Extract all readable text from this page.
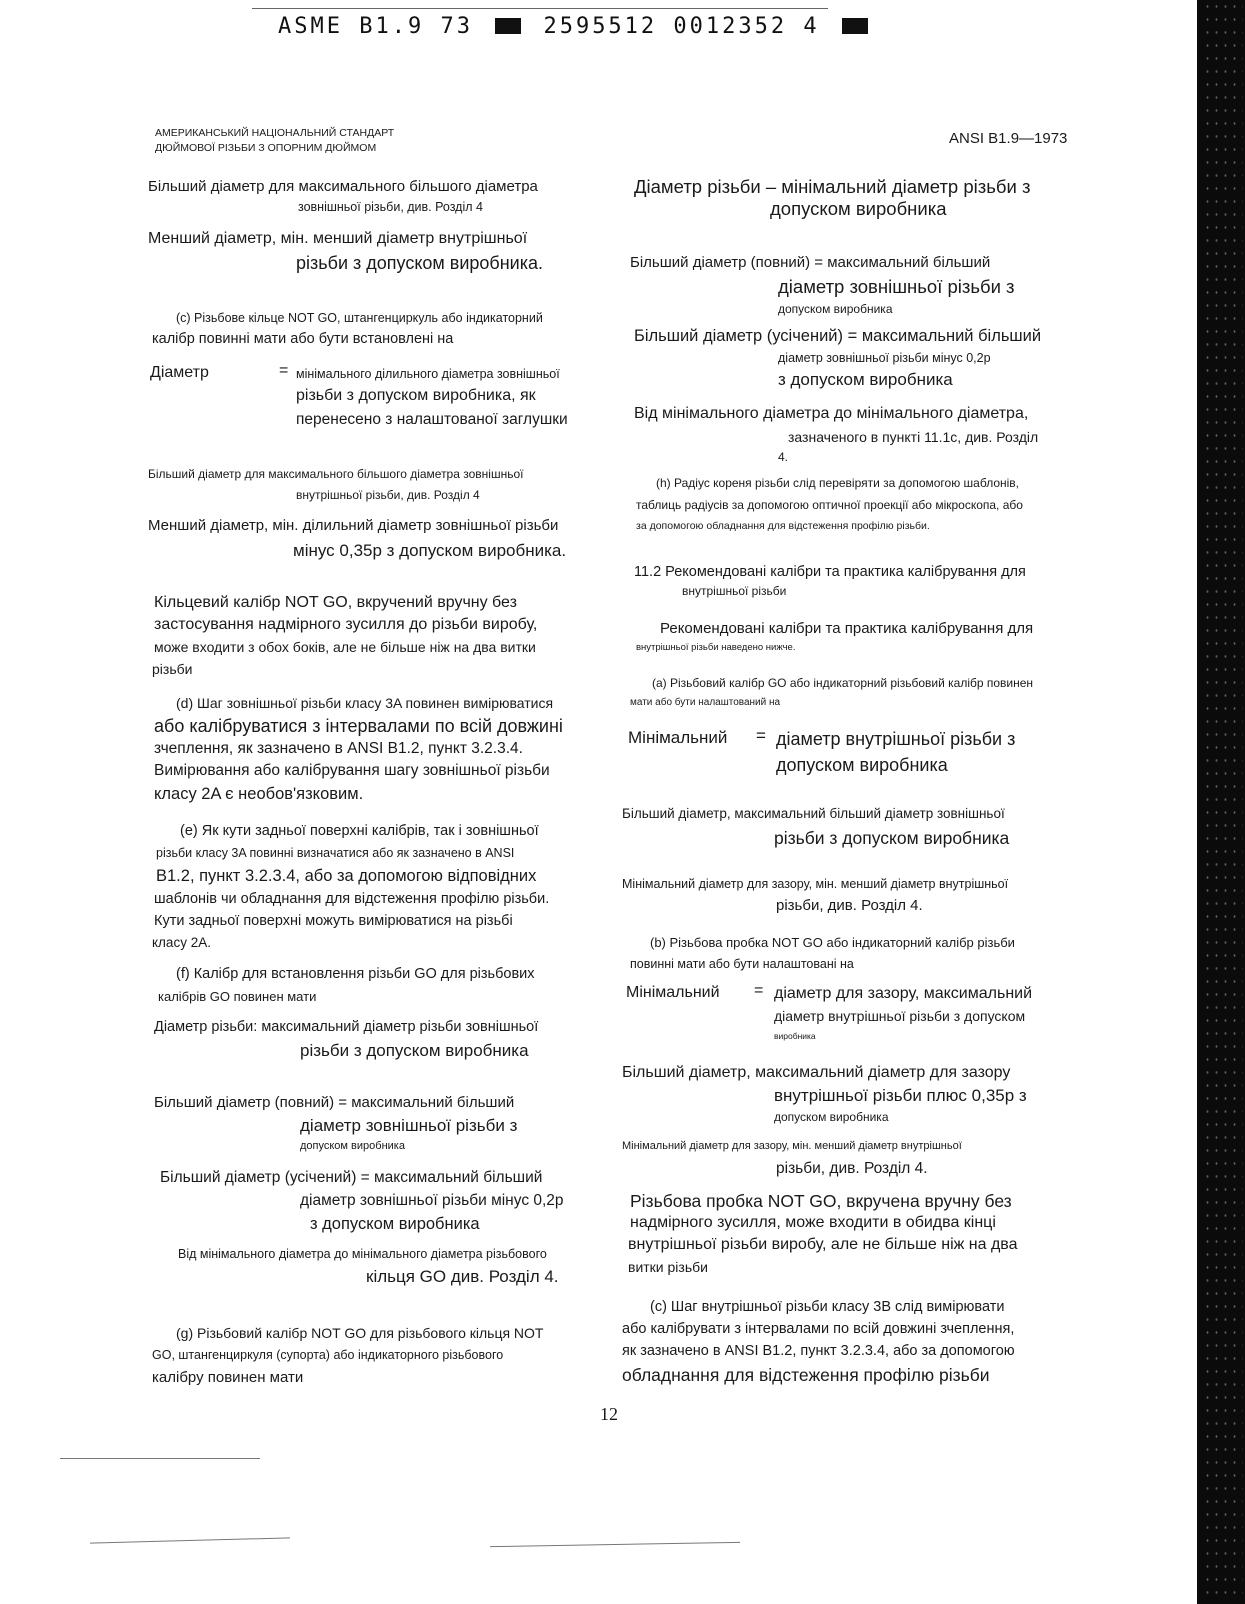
ASME B1.9 73	2595512 0012352 4
АМЕРИКАНСЬКИЙ НАЦІОНАЛЬНИЙ СТАНДАРТ
ДЮЙМОВОЇ РІЗЬБИ З ОПОРНИМ ДЮЙМОМ
ANSI B1.9—1973
Більший діаметр для максимального більшого діаметра
зовнішньої різьби, див. Розділ 4
Менший діаметр, мін. менший діаметр внутрішньої
різьби з допуском виробника.
(c) Різьбове кільце NOT GO, штангенциркуль або індикаторний
калібр повинні мати або бути встановлені на
Діаметр	= мінімального ділильного діаметра зовнішньої
різьби з допуском виробника, як
перенесено з налаштованої заглушки
Більший діаметр для максимального більшого діаметра зовнішньої
внутрішньої різьби, див. Розділ 4
Менший діаметр, мін. ділильний діаметр зовнішньої різьби
мінус 0,35p з допуском виробника.
Кільцевий калібр NOT GO, вкручений вручну без
застосування надмірного зусилля до різьби виробу,
може входити з обох боків, але не більше ніж на два витки
різьби
(d) Шаг зовнішньої різьби класу 3A повинен вимірюватися
або калібруватися з інтервалами по всій довжині
зчеплення, як зазначено в ANSI B1.2, пункт 3.2.3.4.
Вимірювання або калібрування шагу зовнішньої різьби
класу 2A є необов'язковим.
(e) Як кути задньої поверхні калібрів, так і зовнішньої
різьби класу 3A повинні визначатися або як зазначено в ANSI
B1.2, пункт 3.2.3.4, або за допомогою відповідних
шаблонів чи обладнання для відстеження профілю різьби.
Кути задньої поверхні можуть вимірюватися на різьбі
класу 2A.
(f) Калібр для встановлення різьби GO для різьбових
калібрів GO повинен мати
Діаметр різьби: максимальний діаметр різьби зовнішньої
різьби з допуском виробника
Більший діаметр (повний) = максимальний більший
діаметр зовнішньої різьби з
допуском виробника
Більший діаметр (усічений) = максимальний більший
діаметр зовнішньої різьби мінус 0,2p
з допуском виробника
Від мінімального діаметра до мінімального діаметра різьбового
кільця GO див. Розділ 4.
(g) Різьбовий калібр NOT GO для різьбового кільця NOT
GO, штангенциркуля (супорта) або індикаторного різьбового
калібру повинен мати
Діаметр різьби – мінімальний діаметр різьби з
допуском виробника
Більший діаметр (повний) = максимальний більший
діаметр зовнішньої різьби з
допуском виробника
Більший діаметр (усічений) = максимальний більший
діаметр зовнішньої різьби мінус 0,2p
з допуском виробника
Від мінімального діаметра до мінімального діаметра,
зазначеного в пункті 11.1c, див. Розділ
4.
(h) Радіус кореня різьби слід перевіряти за допомогою шаблонів,
таблиць радіусів за допомогою оптичної проекції або мікроскопа, або
за допомогою обладнання для відстеження профілю різьби.
11.2 Рекомендовані калібри та практика калібрування для
внутрішньої різьби
Рекомендовані калібри та практика калібрування для
внутрішньої різьби наведено нижче.
(a) Різьбовий калібр GO або індикаторний різьбовий калібр повинен
мати або бути налаштований на
Мінімальний = діаметр внутрішньої різьби з
допуском виробника
Більший діаметр, максимальний більший діаметр зовнішньої
різьби з допуском виробника
Мінімальний діаметр для зазору, мін. менший діаметр внутрішньої
різьби, див. Розділ 4.
(b) Різьбова пробка NOT GO або індикаторний калібр різьби
повинні мати або бути налаштовані на
Мінімальний = діаметр для зазору, максимальний
діаметр внутрішньої різьби з допуском
виробника
Більший діаметр, максимальний діаметр для зазору
внутрішньої різьби плюс 0,35p з
допуском виробника
Мінімальний діаметр для зазору, мін. менший діаметр внутрішньої
різьби, див. Розділ 4.
Різьбова пробка NOT GO, вкручена вручну без
надмірного зусилля, може входити в обидва кінці
внутрішньої різьби виробу, але не більше ніж на два
витки різьби
(c) Шаг внутрішньої різьби класу 3B слід вимірювати
або калібрувати з інтервалами по всій довжині зчеплення,
як зазначено в ANSI B1.2, пункт 3.2.3.4, або за допомогою
обладнання для відстеження профілю різьби
12
